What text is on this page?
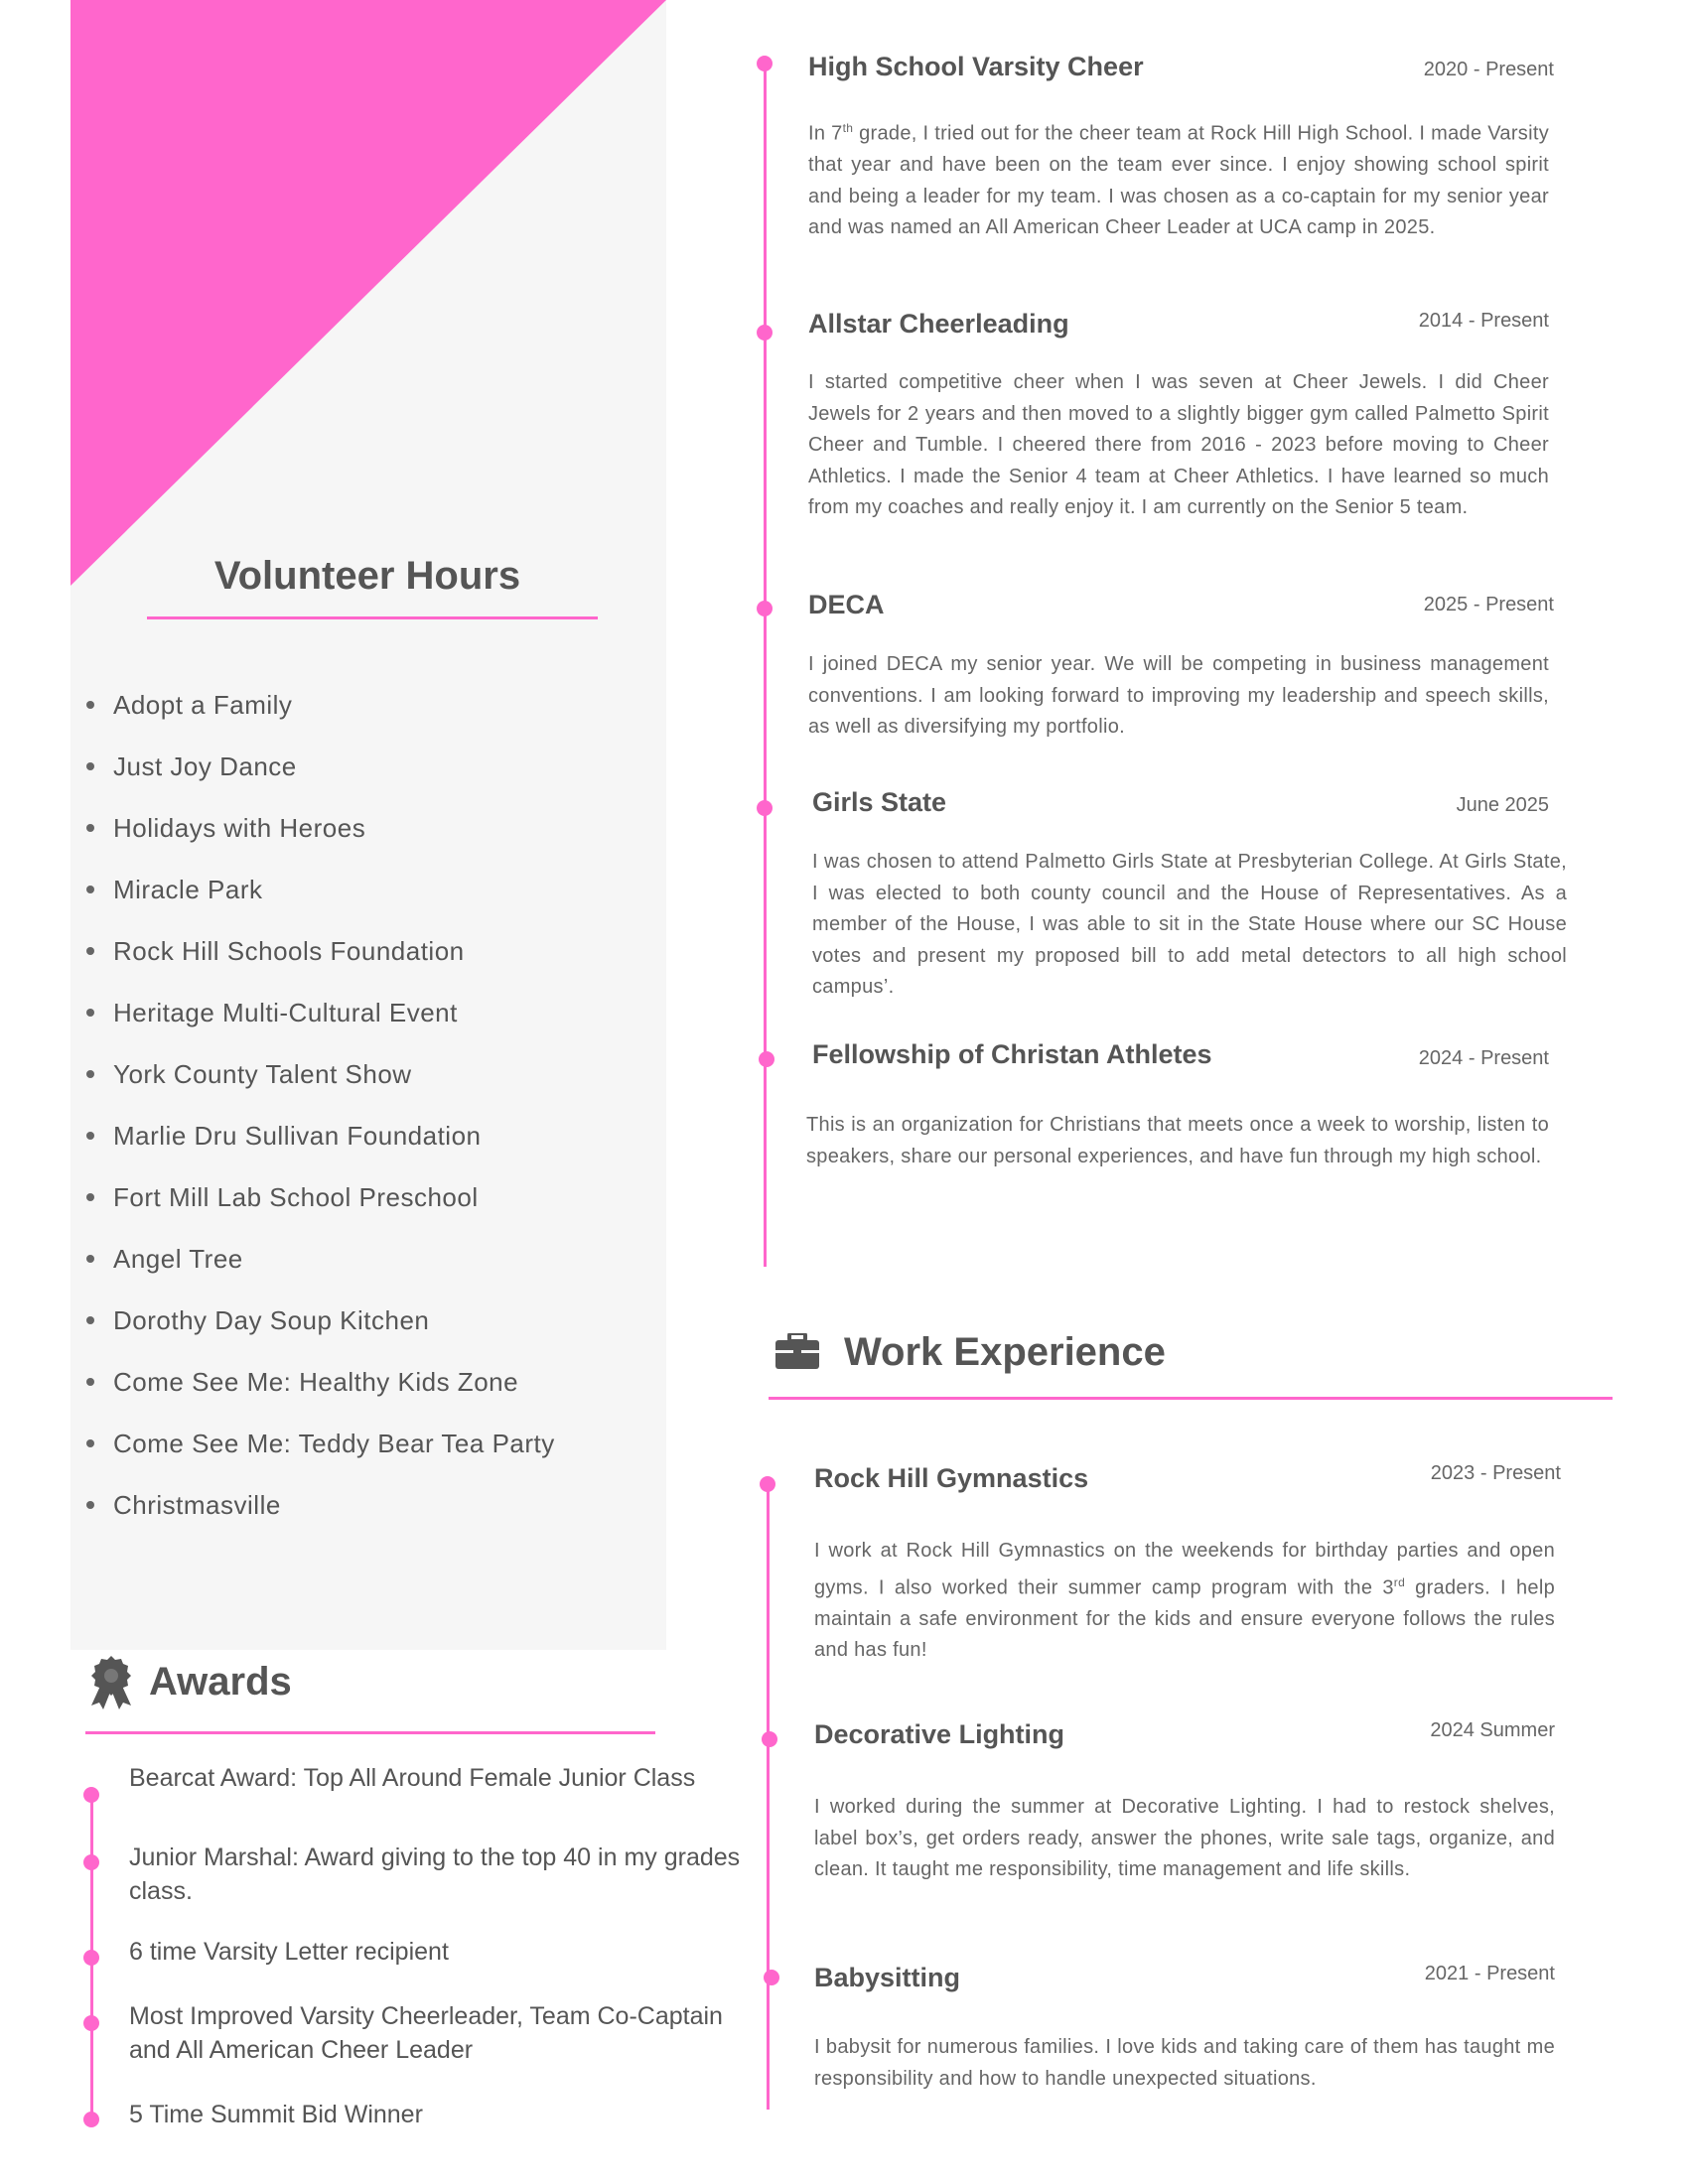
Volunteer Hours
Adopt a Family
Just Joy Dance
Holidays with Heroes
Miracle Park
Rock Hill Schools Foundation
Heritage Multi-Cultural Event
York County Talent Show
Marlie Dru Sullivan Foundation
Fort Mill Lab School Preschool
Angel Tree
Dorothy Day Soup Kitchen
Come See Me: Healthy Kids Zone
Come See Me: Teddy Bear Tea Party
Christmasville
Awards

Bearcat Award: Top All Around Female Junior Class

Junior Marshal: Award giving to the top 40 in my grades class.

6 time Varsity Letter recipient

Most Improved Varsity Cheerleader, Team Co-Captain and All American Cheer Leader

5 Time Summit Bid Winner

High School Varsity Cheer	2020 - Present

In 7th grade, I tried out for the cheer team at Rock Hill High School. I made Varsity that year and have been on the team ever since. I enjoy showing school spirit and being a leader for my team. I was chosen as a co-captain for my senior year and was named an All American Cheer Leader at UCA camp in 2025.

Allstar Cheerleading	2014 - Present

I started competitive cheer when I was seven at Cheer Jewels. I did Cheer Jewels for 2 years and then moved to a slightly bigger gym called Palmetto Spirit Cheer and Tumble. I cheered there from 2016 - 2023 before moving to Cheer Athletics. I made the Senior 4 team at Cheer Athletics. I have learned so much from my coaches and really enjoy it. I am currently on the Senior 5 team.

DECA	2025 - Present

I joined DECA my senior year. We will be competing in business management conventions. I am looking forward to improving my leadership and speech skills, as well as diversifying my portfolio.

Girls State	June 2025

I was chosen to attend Palmetto Girls State at Presbyterian College. At Girls State, I was elected to both county council and the House of Representatives. As a member of the House, I was able to sit in the State House where our SC House votes and present my proposed bill to add metal detectors to all high school campus’.

Fellowship of Christan Athletes	2024 - Present

This is an organization for Christians that meets once a week to worship, listen to speakers, share our personal experiences, and have fun through my high school.

Work Experience
Rock Hill Gymnastics	2023 - Present

I work at Rock Hill Gymnastics on the weekends for birthday parties and open gyms. I also worked their summer camp program with the 3rd graders. I help maintain a safe environment for the kids and ensure everyone follows the rules and has fun!

Decorative Lighting	2024 Summer

I worked during the summer at Decorative Lighting. I had to restock shelves, label box’s, get orders ready, answer the phones, write sale tags, organize, and clean. It taught me responsibility, time management and life skills.

Babysitting	2021 - Present

I babysit for numerous families. I love kids and taking care of them has taught me responsibility and how to handle unexpected situations.
